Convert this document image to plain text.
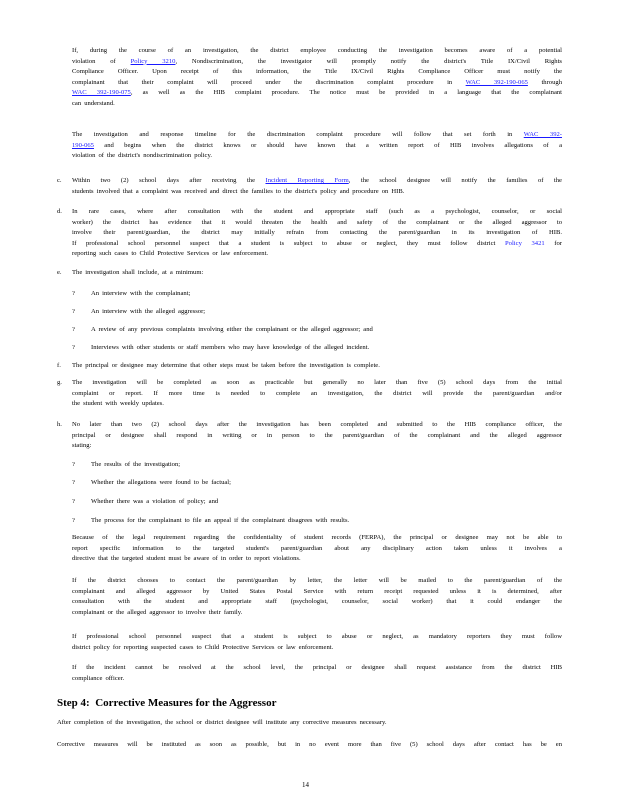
If, during the course of an investigation, the district employee conducting the investigation becomes aware of a potential
violation of Policy 3210, Nondiscrimination, the investigator will promptly notify the district's Title IX/Civil Rights
Compliance Officer. Upon receipt of this information, the Title IX/Civil Rights Compliance Officer must notify the
complainant that their complaint will proceed under the discrimination complaint procedure in WAC 392-190-065 through
WAC 392-190-075, as well as the HIB complaint procedure. The notice must be provided in a language that the complainant
can understand.
The investigation and response timeline for the discrimination complaint procedure will follow that set forth in WAC 392-
190-065 and begins when the district knows or should have known that a written report of HIB involves allegations of a
violation of the district's nondiscrimination policy.
c. Within two (2) school days after receiving the Incident Reporting Form, the school designee will notify the families of the
students involved that a complaint was received and direct the families to the district's policy and procedure on HIB.
d. In rare cases, where after consultation with the student and appropriate staff (such as a psychologist, counselor, or social
worker) the district has evidence that it would threaten the health and safety of the complainant or the alleged aggressor to
involve their parent/guardian, the district may initially refrain from contacting the parent/guardian in its investigation of HIB.
If professional school personnel suspect that a student is subject to abuse or neglect, they must follow district Policy 3421 for
reporting such cases to Child Protective Services or law enforcement.
e. The investigation shall include, at a minimum:
? An interview with the complainant;
? An interview with the alleged aggressor;
? A review of any previous complaints involving either the complainant or the alleged aggressor; and
? Interviews with other students or staff members who may have knowledge of the alleged incident.
f. The principal or designee may determine that other steps must be taken before the investigation is complete.
g. The investigation will be completed as soon as practicable but generally no later than five (5) school days from the initial
complaint or report. If more time is needed to complete an investigation, the district will provide the parent/guardian and/or
the student with weekly updates.
h. No later than two (2) school days after the investigation has been completed and submitted to the HIB compliance officer, the
principal or designee shall respond in writing or in person to the parent/guardian of the complainant and the alleged aggressor
stating:
? The results of the investigation;
? Whether the allegations were found to be factual;
? Whether there was a violation of policy; and
? The process for the complainant to file an appeal if the complainant disagrees with results.
Because of the legal requirement regarding the confidentiality of student records (FERPA), the principal or designee may not be able to
report specific information to the targeted student's parent/guardian about any disciplinary action taken unless it involves a
directive that the targeted student must be aware of in order to report violations.
If the district chooses to contact the parent/guardian by letter, the letter will be mailed to the parent/guardian of the
complainant and alleged aggressor by United States Postal Service with return receipt requested unless it is determined, after
consultation with the student and appropriate staff (psychologist, counselor, social worker) that it could endanger the
complainant or the alleged aggressor to involve their family.
If professional school personnel suspect that a student is subject to abuse or neglect, as mandatory reporters they must follow
district policy for reporting suspected cases to Child Protective Services or law enforcement.
If the incident cannot be resolved at the school level, the principal or designee shall request assistance from the district HIB
compliance officer.
Step 4: Corrective Measures for the Aggressor
After completion of the investigation, the school or district designee will institute any corrective measures necessary.
Corrective measures will be instituted as soon as possible, but in no event more than five (5) school days after contact has be en
14
